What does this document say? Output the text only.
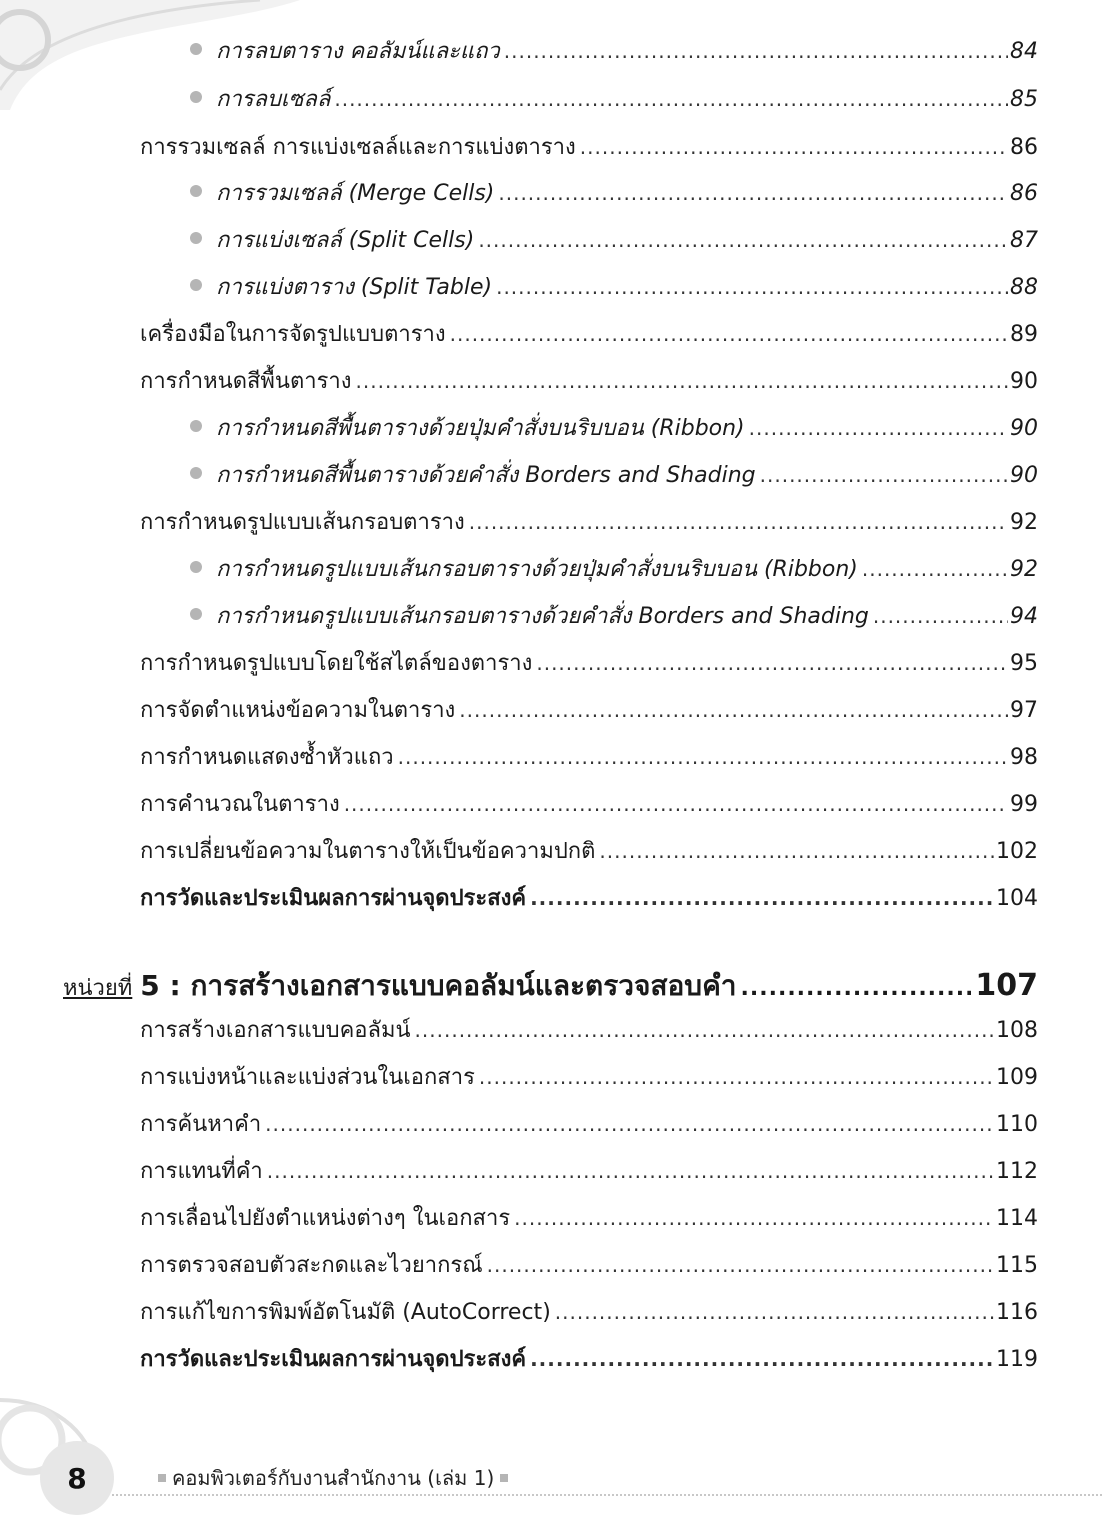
การลบตาราง คอลัมน์และแถว .....	84
การลบเซลล์ .....	85
การรวมเซลล์ การแบ่งเซลล์และการแบ่งตาราง .....	86
การรวมเซลล์ (Merge Cells) .....	86
การแบ่งเซลล์ (Split Cells) .....	87
การแบ่งตาราง (Split Table) .....	88
เครื่องมือในการจัดรูปแบบตาราง .....	89
การกำหนดสีพื้นตาราง .....	90
การกำหนดสีพื้นตารางด้วยปุ่มคำสั่งบนริบบอน (Ribbon) .....	90
การกำหนดสีพื้นตารางด้วยคำสั่ง Borders and Shading .....	90
การกำหนดรูปแบบเส้นกรอบตาราง .....	92
การกำหนดรูปแบบเส้นกรอบตารางด้วยปุ่มคำสั่งบนริบบอน (Ribbon) .....	92
การกำหนดรูปแบบเส้นกรอบตารางด้วยคำสั่ง Borders and Shading .....	94
การกำหนดรูปแบบโดยใช้สไตล์ของตาราง .....	95
การจัดตำแหน่งข้อความในตาราง .....	97
การกำหนดแสดงซ้ำหัวแถว .....	98
การคำนวณในตาราง .....	99
การเปลี่ยนข้อความในตารางให้เป็นข้อความปกติ .....	102
การวัดและประเมินผลการผ่านจุดประสงค์ .....	104
หน่วยที่ 5 : การสร้างเอกสารแบบคอลัมน์และตรวจสอบคำ .....	107
การสร้างเอกสารแบบคอลัมน์ .....	108
การแบ่งหน้าและแบ่งส่วนในเอกสาร .....	109
การค้นหาคำ .....	110
การแทนที่คำ .....	112
การเลื่อนไปยังตำแหน่งต่างๆ ในเอกสาร .....	114
การตรวจสอบตัวสะกดและไวยากรณ์ .....	115
การแก้ไขการพิมพ์อัตโนมัติ (AutoCorrect) .....	116
การวัดและประเมินผลการผ่านจุดประสงค์ .....	119
8	คอมพิวเตอร์กับงานสำนักงาน (เล่ม 1)
